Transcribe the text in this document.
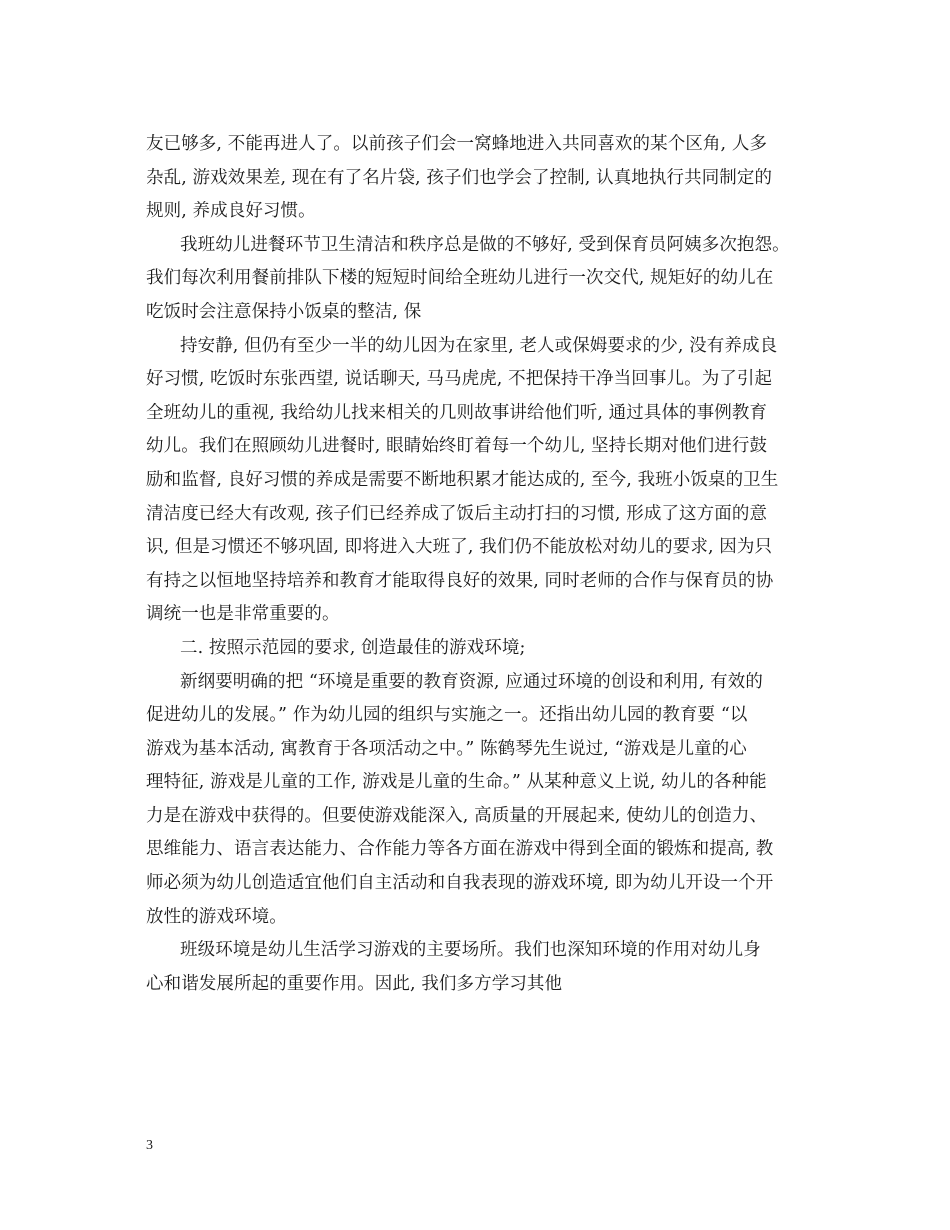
友已够多, 不能再进人了。以前孩子们会一窝蜂地进入共同喜欢的某个区角, 人多
杂乱, 游戏效果差, 现在有了名片袋, 孩子们也学会了控制, 认真地执行共同制定的
规则, 养成良好习惯。
我班幼儿进餐环节卫生清洁和秩序总是做的不够好, 受到保育员阿姨多次抱怨。
我们每次利用餐前排队下楼的短短时间给全班幼儿进行一次交代, 规矩好的幼儿在
吃饭时会注意保持小饭桌的整洁, 保
持安静, 但仍有至少一半的幼儿因为在家里, 老人或保姆要求的少, 没有养成良
好习惯, 吃饭时东张西望, 说话聊天, 马马虎虎, 不把保持干净当回事儿。为了引起
全班幼儿的重视, 我给幼儿找来相关的几则故事讲给他们听, 通过具体的事例教育
幼儿。我们在照顾幼儿进餐时, 眼睛始终盯着每一个幼儿, 坚持长期对他们进行鼓
励和监督, 良好习惯的养成是需要不断地积累才能达成的, 至今, 我班小饭桌的卫生
清洁度已经大有改观, 孩子们已经养成了饭后主动打扫的习惯, 形成了这方面的意
识, 但是习惯还不够巩固, 即将进入大班了, 我们仍不能放松对幼儿的要求, 因为只
有持之以恒地坚持培养和教育才能取得良好的效果, 同时老师的合作与保育员的协
调统一也是非常重要的。
二. 按照示范园的要求, 创造最佳的游戏环境;
新纲要明确的把 “环境是重要的教育资源, 应通过环境的创设和利用, 有效的
促进幼儿的发展。” 作为幼儿园的组织与实施之一。还指出幼儿园的教育要 “以
游戏为基本活动, 寓教育于各项活动之中。” 陈鹤琴先生说过, “游戏是儿童的心
理特征, 游戏是儿童的工作, 游戏是儿童的生命。” 从某种意义上说, 幼儿的各种能
力是在游戏中获得的。但要使游戏能深入, 高质量的开展起来, 使幼儿的创造力、
思维能力、语言表达能力、合作能力等各方面在游戏中得到全面的锻炼和提高, 教
师必须为幼儿创造适宜他们自主活动和自我表现的游戏环境, 即为幼儿开设一个开
放性的游戏环境。
班级环境是幼儿生活学习游戏的主要场所。我们也深知环境的作用对幼儿身
心和谐发展所起的重要作用。因此, 我们多方学习其他
3
